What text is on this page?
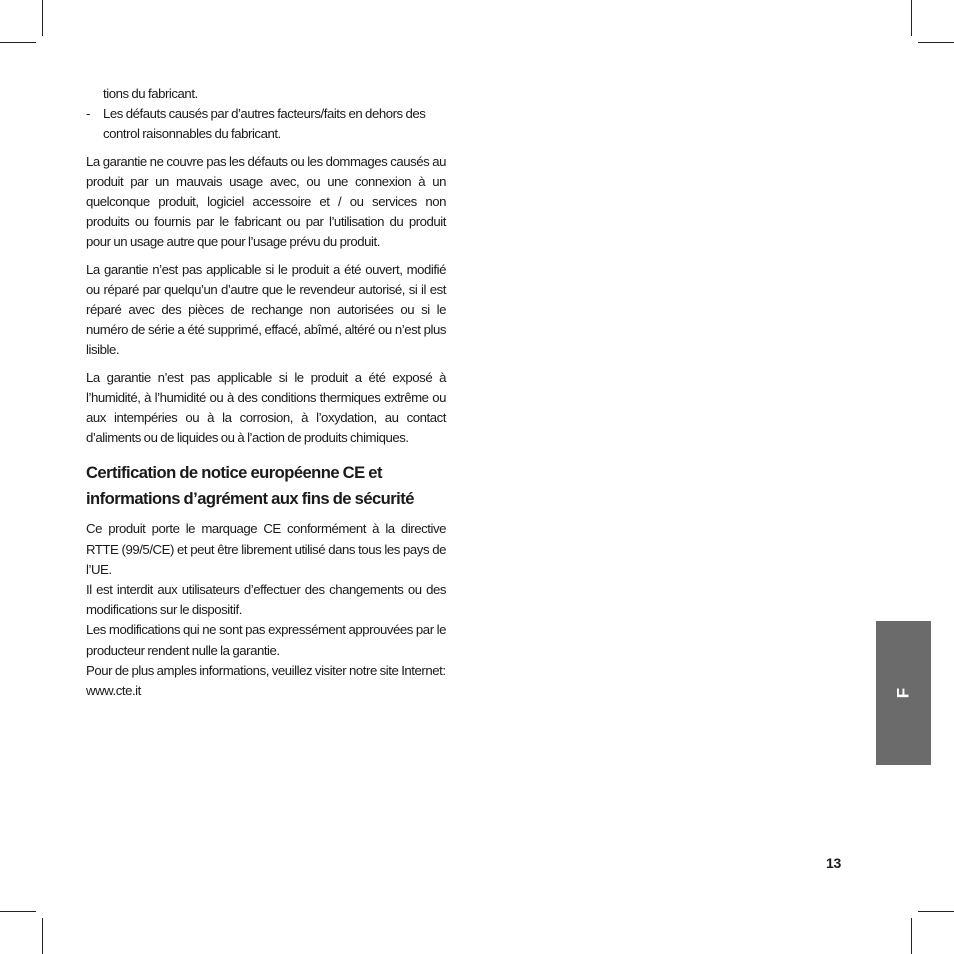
tions du fabricant.

- Les défauts causés par d’autres facteurs/faits en dehors des control raisonnables du fabricant.

La garantie ne couvre pas les défauts ou les dommages causés au produit par un mauvais usage avec, ou une connexion à un quelconque produit, logiciel accessoire et / ou services non produits ou fournis par le fabricant ou par l’utilisation du produit pour un usage autre que pour l’usage prévu du produit.

La garantie n’est pas applicable si le produit a été ouvert, modifié ou réparé par quelqu’un d’autre que le revendeur autorisé, si il est réparé avec des pièces de rechange non autorisées ou si le numéro de série a été supprimé, effacé, abîmé, altéré ou n’est plus lisible.

La garantie n’est pas applicable si le produit a été exposé à l’humidité, à l’humidité ou à des conditions thermiques extrême ou aux intempéries ou à la corrosion, à l’oxydation, au contact d’aliments ou de liquides ou à l’action de produits chimiques.

Certification de notice européenne CE et informations d’agrément aux fins de sécurité

Ce produit porte le marquage CE conformément à la directive RTTE (99/5/CE) et peut être librement utilisé dans tous les pays de l’UE.

Il est interdit aux utilisateurs d’effectuer des changements ou des modifications sur le dispositif.

Les modifications qui ne sont pas expressément approuvées par le producteur rendent nulle la garantie.

Pour de plus amples informations, veuillez visiter notre site Internet: www.cte.it	F
13
